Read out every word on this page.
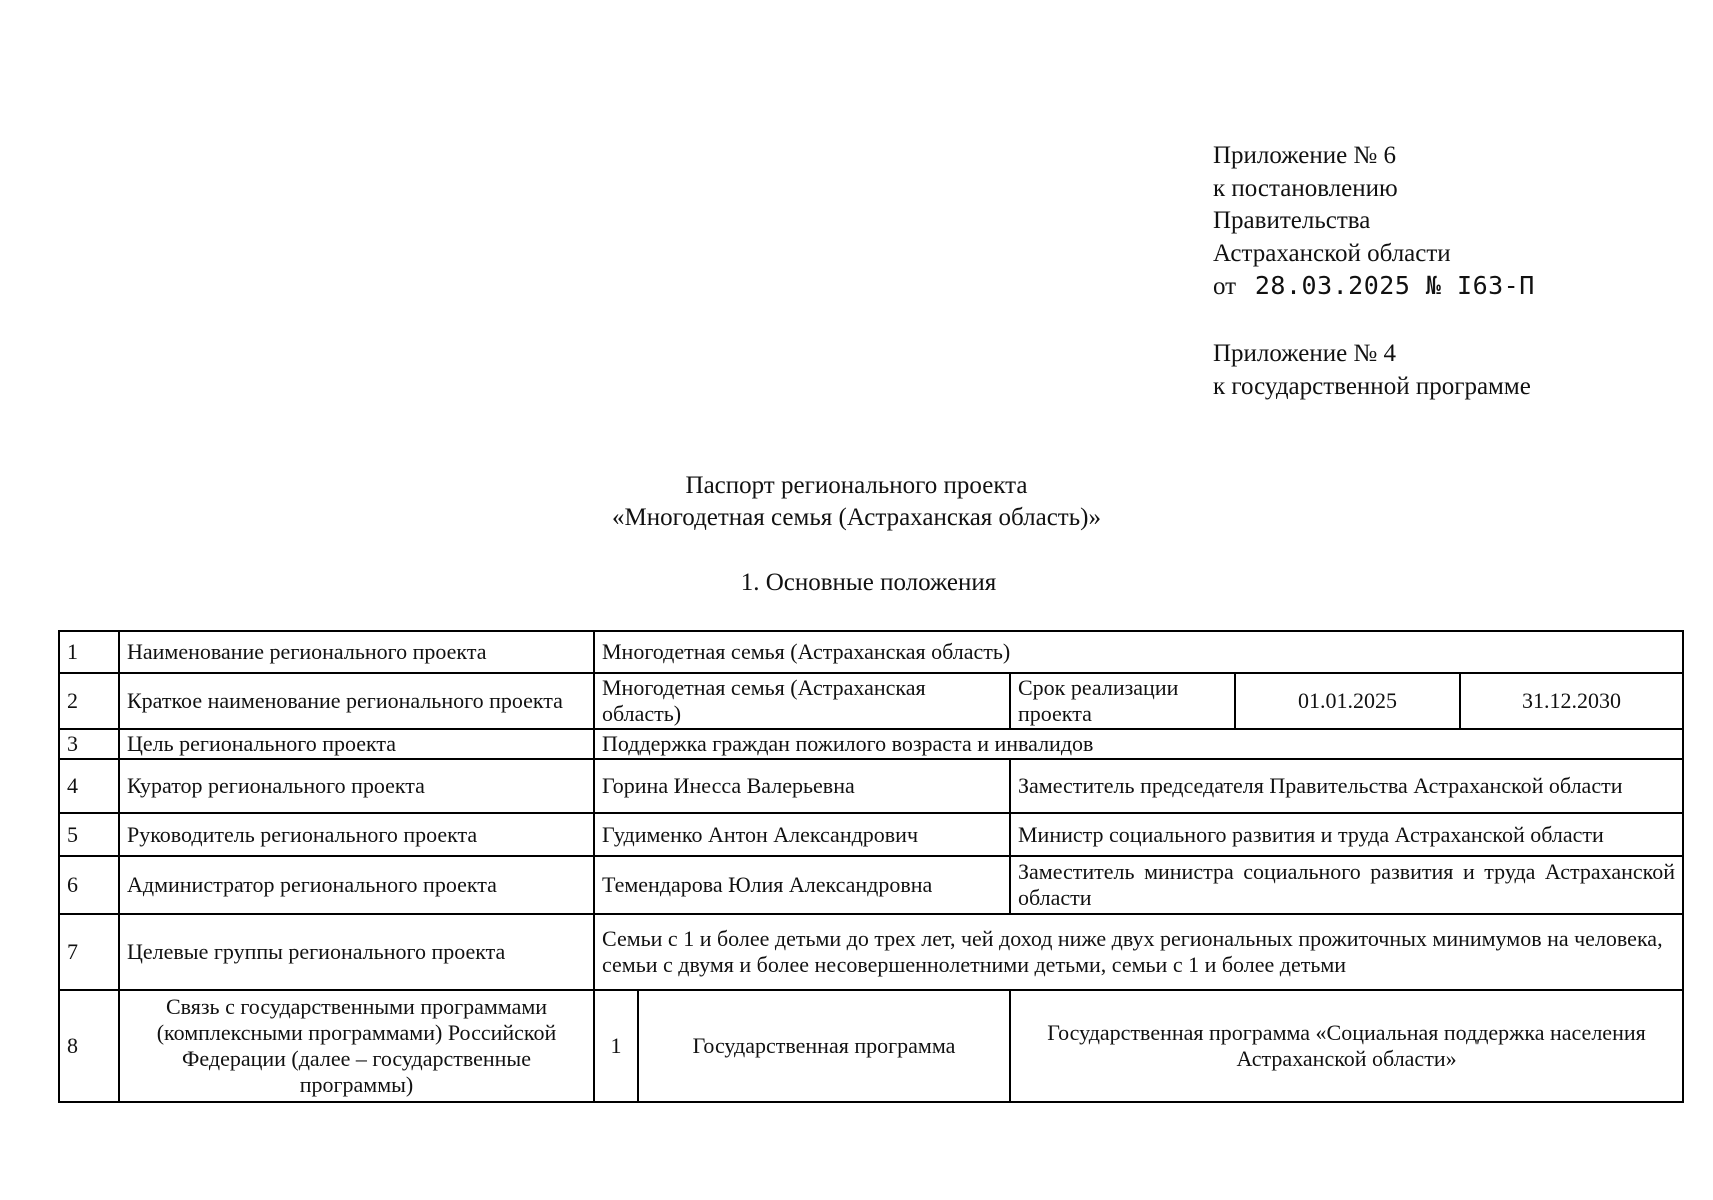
Приложение № 6
к постановлению
Правительства
Астраханской области
от 28.03.2025 № I63-П
Приложение № 4
к государственной программе
Паспорт регионального проекта
«Многодетная семья (Астраханская область)»
1. Основные положения
1	Наименование регионального проекта	Многодетная семья (Астраханская область)				
2	Краткое наименование регионального проекта	Многодетная семья (Астраханская область)		Срок реализации проекта	01.01.2025	31.12.2030
3	Цель регионального проекта	Поддержка граждан пожилого возраста и инвалидов				
4	Куратор регионального проекта	Горина Инесса Валерьевна		Заместитель председателя Правительства Астраханской области		
5	Руководитель регионального проекта	Гудименко Антон Александрович		Министр социального развития и труда Астраханской области		
6	Администратор регионального проекта	Темендарова Юлия Александровна		Заместитель министра социального развития и труда Астраханской области		
7	Целевые группы регионального проекта	Семьи с 1 и более детьми до трех лет, чей доход ниже двух региональных прожиточных минимумов на человека, семьи с двумя и более несовершеннолетними детьми, семьи с 1 и более детьми				
8	Связь с государственными программами (комплексными программами) Российской Федерации (далее – государственные программы)	1	Государственная программа	Государственная программа «Социальная поддержка населения Астраханской области»		
